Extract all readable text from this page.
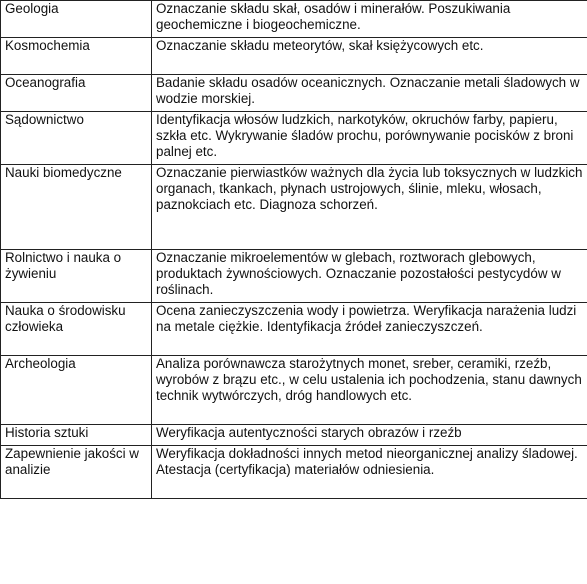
Geologia	Oznaczanie składu skał, osadów i minerałów. Poszukiwania geochemiczne i biogeochemiczne.

Kosmochemia	Oznaczanie składu meteorytów, skał księżycowych etc.

Oceanografia	Badanie składu osadów oceanicznych. Oznaczanie metali śladowych w wodzie morskiej.

Sądownictwo	Identyfikacja włosów ludzkich, narkotyków, okruchów farby, papieru, szkła etc. Wykrywanie śladów prochu, porównywanie pocisków z broni palnej etc.

Nauki biomedyczne	Oznaczanie pierwiastków ważnych dla życia lub toksycznych w ludzkich organach, tkankach, płynach ustrojowych, ślinie, mleku, włosach, paznokciach etc. Diagnoza schorzeń.

Rolnictwo i nauka o żywieniu	Oznaczanie mikroelementów w glebach, roztworach glebowych, produktach żywnościowych. Oznaczanie pozostałości pestycydów w roślinach.

Nauka o środowisku człowieka	Ocena zanieczyszczenia wody i powietrza. Weryfikacja narażenia ludzi na metale ciężkie. Identyfikacja źródeł zanieczyszczeń.

Archeologia	Analiza porównawcza starożytnych monet, sreber, ceramiki, rzeźb, wyrobów z brązu etc., w celu ustalenia ich pochodzenia, stanu dawnych technik wytwórczych, dróg handlowych etc.

Historia sztuki	Weryfikacja autentyczności starych obrazów i rzeźb

Zapewnienie jakości w analizie	Weryfikacja dokładności innych metod nieorganicznej analizy śladowej. Atestacja (certyfikacja) materiałów odniesienia.
